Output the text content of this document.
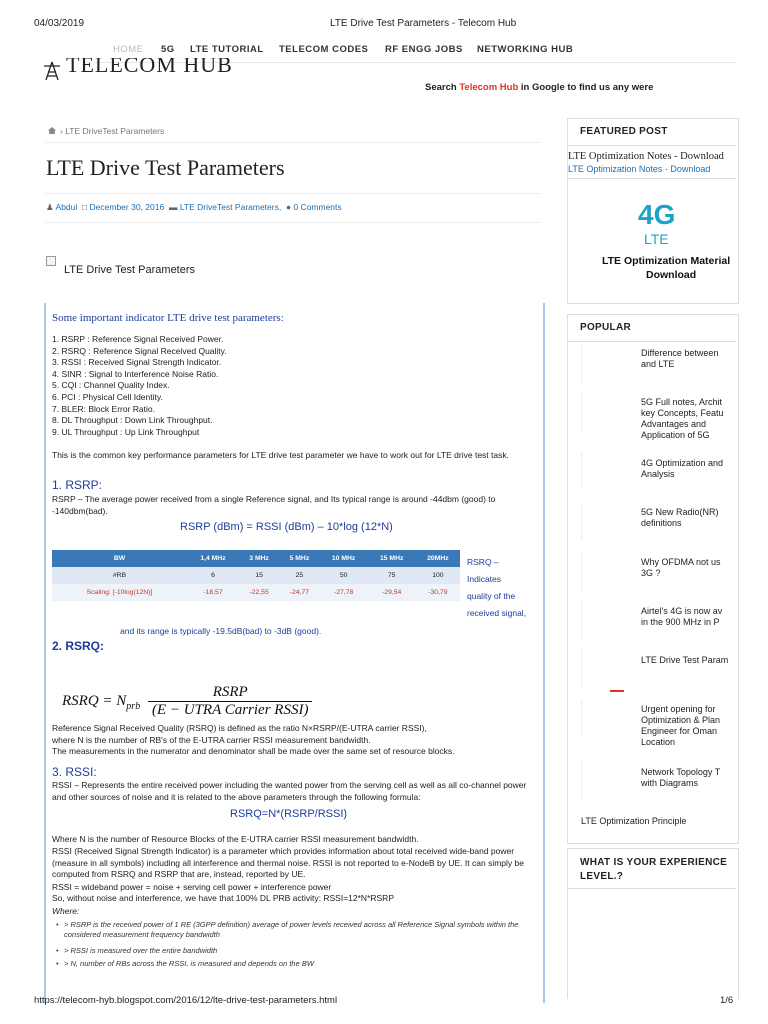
04/03/2019	LTE Drive Test Parameters - Telecom Hub
HOME 5G LTE TUTORIAL TELECOM CODES RF ENGG JOBS NETWORKING HUB
TELECOM HUB
Search Telecom Hub in Google to find us any were
› LTE DriveTest Parameters
LTE Drive Test Parameters
♟ Abdul □ December 30, 2016 ▬ LTE DriveTest Parameters,  ● 0 Comments
LTE Drive Test Parameters
Some important indicator LTE drive test parameters:
1. RSRP : Reference Signal Received Power.
2. RSRQ : Reference Signal Received Quality.
3. RSSI : Received Signal Strength Indicator.
4. SINR : Signal to Interference Noise Ratio.
5. CQI : Channel Quality Index.
6. PCI : Physical Cell Identity.
7. BLER: Block Error Ratio.
8. DL Throughput : Down Link Throughput.
9. UL Throughput : Up Link Throughput
This is the common key performance parameters for LTE drive test parameter we have to work out for LTE drive test task.
1. RSRP:
RSRP – The average power received from a single Reference signal, and Its typical range is around -44dbm (good) to -140dbm(bad).
RSRP (dBm) = RSSI (dBm) – 10*log (12*N)
BW	1,4 MHz	3 MHz	5 MHz	10 MHz	15 MHz	20MHz
#RB	6	15	25	50	75	100
Scaling: [-10log(12N)]	-18,57	-22,55	-24,77	-27,78	-29,54	-30,79
RSRQ –
Indicates
quality of the
received signal,
and its range is typically -19.5dB(bad) to -3dB (good).
2. RSRQ:
RSRQ = $N_{prb} \frac{\text{RSRP}}{\text{(E − UTRA Carrier RSSI)}}$
Reference Signal Received Quality (RSRQ) is defined as the ratio N×RSRP/(E-UTRA carrier RSSI),
where N is the number of RB's of the E-UTRA carrier RSSI measurement bandwidth.
The measurements in the numerator and denominator shall be made over the same set of resource blocks.
3. RSSI:
RSSI – Represents the entire received power including the wanted power from the serving cell as well as all co-channel power and other sources of noise and it is related to the above parameters through the following formula:
RSRQ=N*(RSRP/RSSI)
Where N is the number of Resource Blocks of the E-UTRA carrier RSSI measurement bandwidth.
RSSI (Received Signal Strength Indicator) is a parameter which provides information about total received wide-band power (measure in all symbols) including all interference and thermal noise. RSSI is not reported to e-NodeB by UE. It can simply be computed from RSRQ and RSRP that are, instead, reported by UE.
RSSI = wideband power = noise + serving cell power + interference power
So, without noise and interference, we have that 100% DL PRB activity: RSSI=12*N*RSRP
Where:
• > RSRP is the received power of 1 RE (3GPP definition) average of power levels received across all Reference Signal symbols within the considered measurement frequency bandwidth
• > RSSI is measured over the entire bandwidth
• > N, number of RBs across the RSSI, is measured and depends on the BW
FEATURED POST
LTE Optimization Notes - Download
LTE Optimization Notes - Download
4G
LTE
LTE Optimization Material
Download
POPULAR
Difference between
and LTE
5G Full notes, Archit
key Concepts, Featu
Advantages and
Application of 5G
4G Optimization and
Analysis
5G New Radio(NR)
definitions
Why OFDMA not us
3G ?
Airtel's 4G is now av
in the 900 MHz in P
LTE Drive Test Param
Urgent opening for
Optimization & Plan
Engineer for Oman
Location
Network Topology T
with Diagrams
LTE Optimization Principle
WHAT IS YOUR EXPERIENCE LEVEL.?
https://telecom-hyb.blogspot.com/2016/12/lte-drive-test-parameters.html	1/6
